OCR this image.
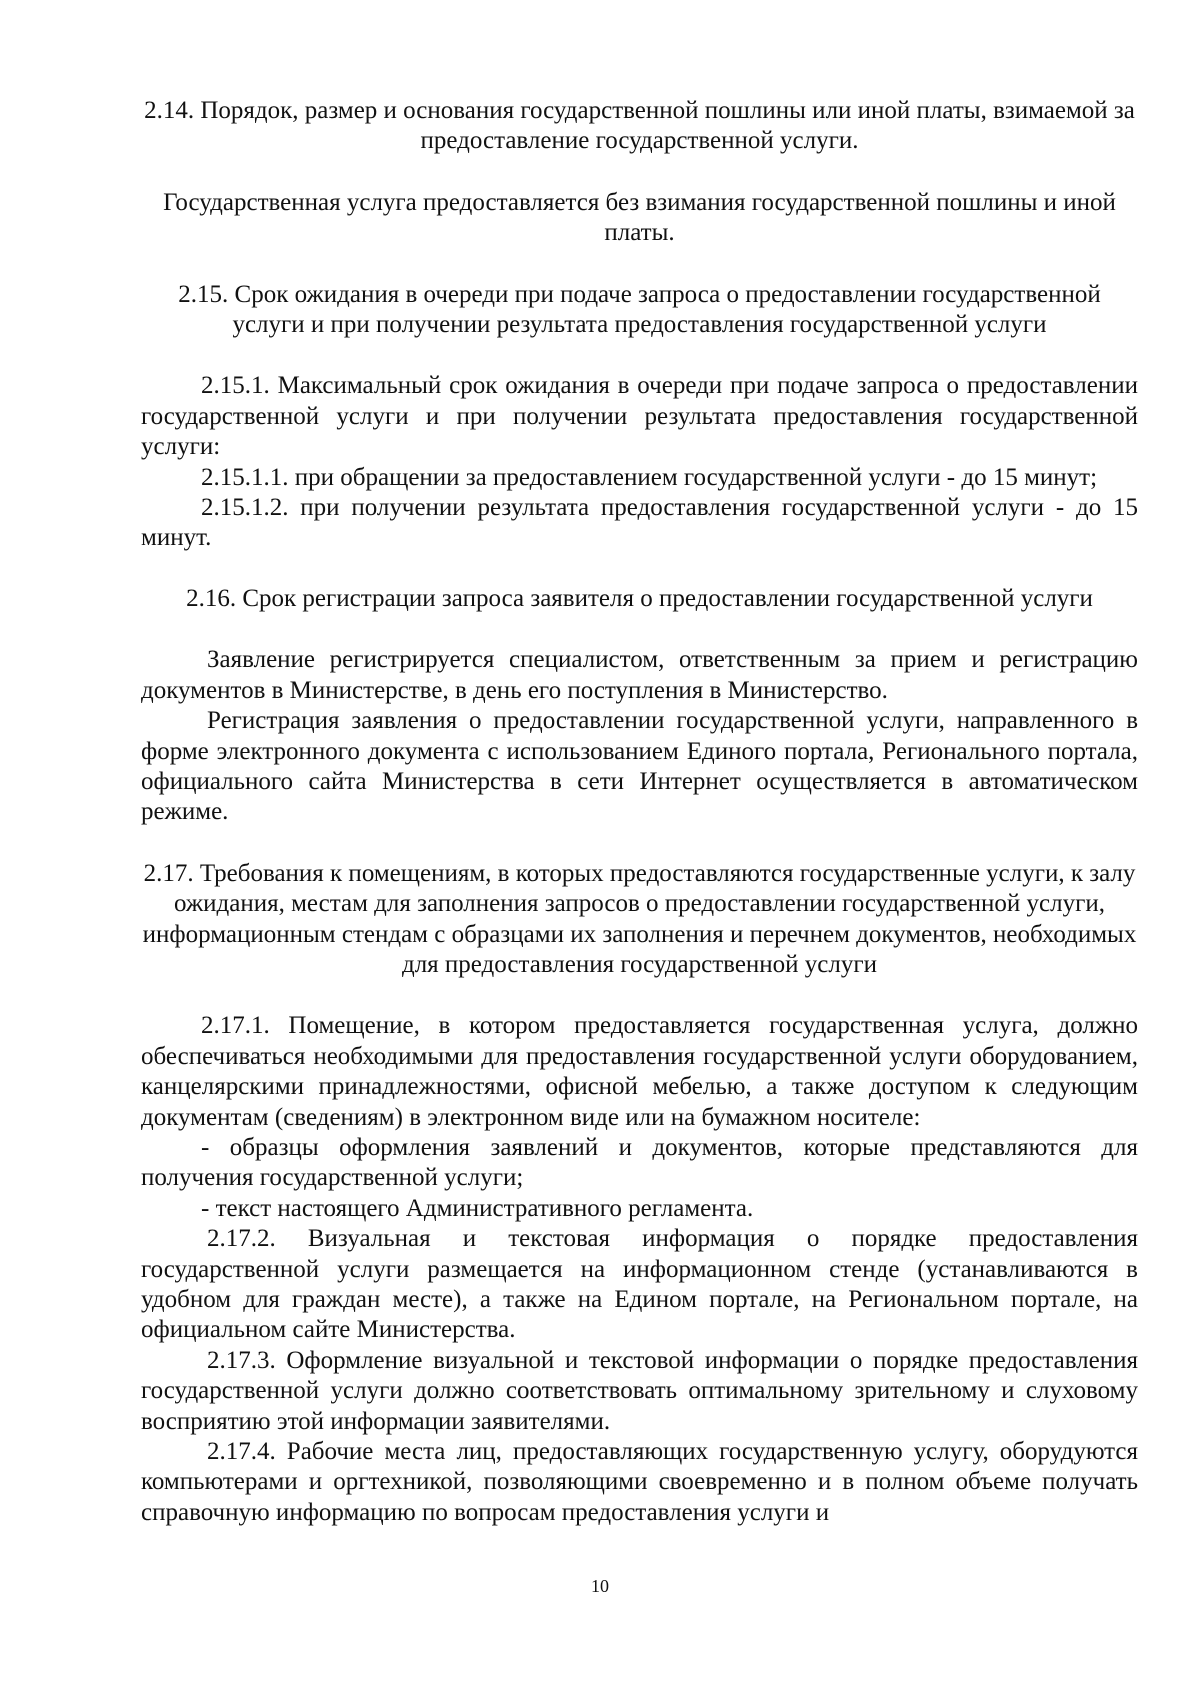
2.14. Порядок, размер и основания государственной пошлины или иной платы, взимаемой за предоставление государственной услуги.

Государственная услуга предоставляется без взимания государственной пошлины и иной платы.

2.15. Срок ожидания в очереди при подаче запроса о предоставлении государственной услуги и при получении результата предоставления государственной услуги

2.15.1. Максимальный срок ожидания в очереди при подаче запроса о предоставлении государственной услуги и при получении результата предоставления государственной услуги:

2.15.1.1. при обращении за предоставлением государственной услуги - до 15 минут;

2.15.1.2. при получении результата предоставления государственной услуги - до 15 минут.

2.16. Срок регистрации запроса заявителя о предоставлении государственной услуги

Заявление регистрируется специалистом, ответственным за прием и регистрацию документов в Министерстве, в день его поступления в Министерство.

Регистрация заявления о предоставлении государственной услуги, направленного в форме электронного документа с использованием Единого портала, Регионального портала, официального сайта Министерства в сети Интернет осуществляется в автоматическом режиме.

2.17. Требования к помещениям, в которых предоставляются государственные услуги, к залу ожидания, местам для заполнения запросов о предоставлении государственной услуги, информационным стендам с образцами их заполнения и перечнем документов, необходимых для предоставления государственной услуги

2.17.1. Помещение, в котором предоставляется государственная услуга, должно обеспечиваться необходимыми для предоставления государственной услуги оборудованием, канцелярскими принадлежностями, офисной мебелью, а также доступом к следующим документам (сведениям) в электронном виде или на бумажном носителе:

- образцы оформления заявлений и документов, которые представляются для получения государственной услуги;

- текст настоящего Административного регламента.

2.17.2. Визуальная и текстовая информация о порядке предоставления государственной услуги размещается на информационном стенде (устанавливаются в удобном для граждан месте), а также на Едином портале, на Региональном портале, на официальном сайте Министерства.

2.17.3. Оформление визуальной и текстовой информации о порядке предоставления государственной услуги должно соответствовать оптимальному зрительному и слуховому восприятию этой информации заявителями.

2.17.4. Рабочие места лиц, предоставляющих государственную услугу, оборудуются компьютерами и оргтехникой, позволяющими своевременно и в полном объеме получать справочную информацию по вопросам предоставления услуги и

10
